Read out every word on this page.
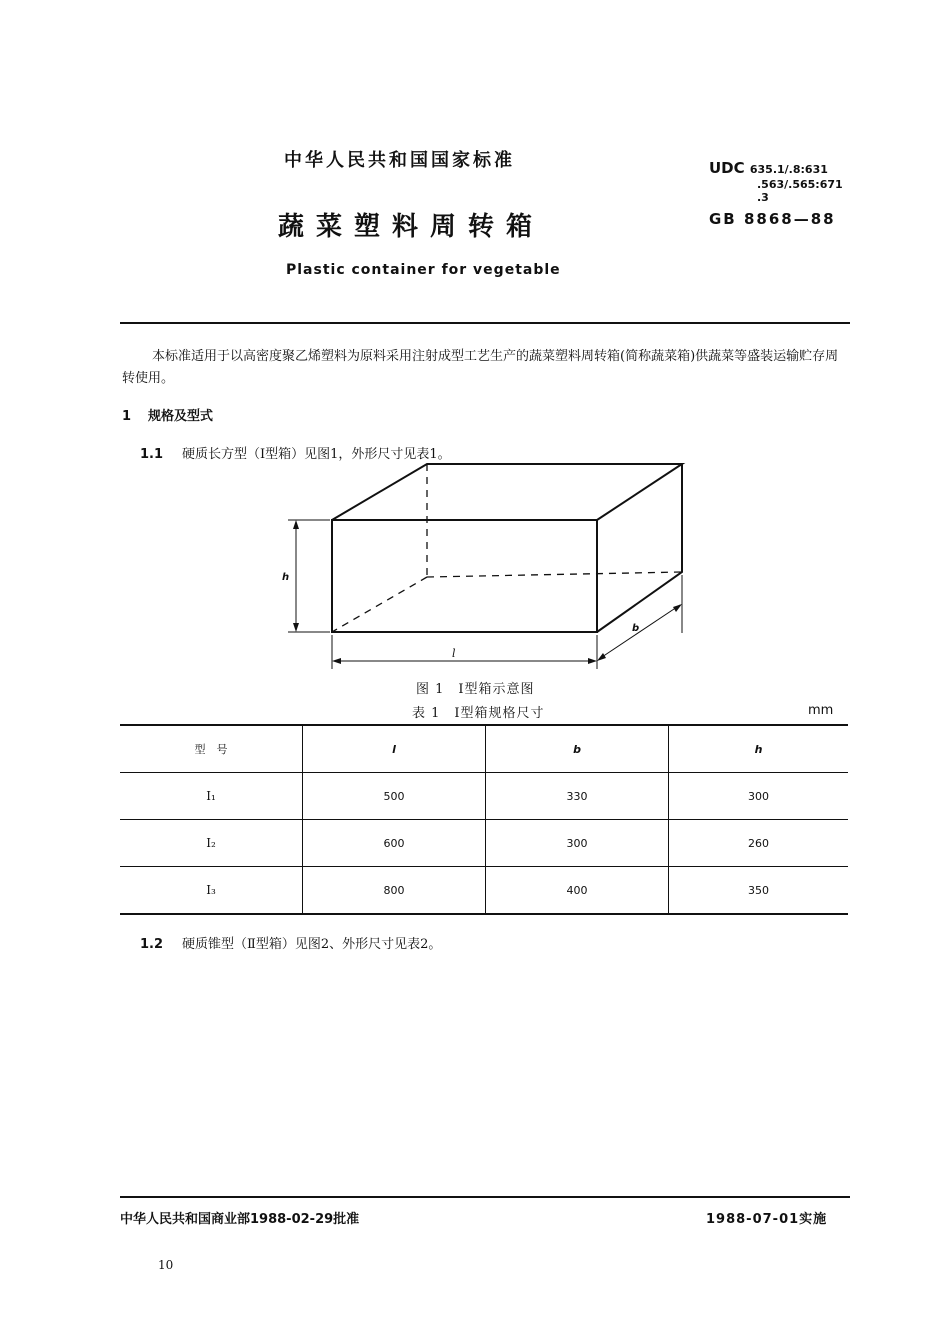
中华人民共和国国家标准
蔬菜塑料周转箱
Plastic container for vegetable
UDC 635.1/.8:631
.563/.565:671
.3
GB 8868—88
本标准适用于以高密度聚乙烯塑料为原料采用注射成型工艺生产的蔬菜塑料周转箱(简称蔬菜箱)供蔬菜等盛装运输贮存周转使用。
1 规格及型式
1.1 硬质长方型（Ⅰ型箱）见图1，外形尺寸见表1。
h
l
b
图 1　Ⅰ型箱示意图
表 1　Ⅰ型箱规格尺寸	mm
型　号	l	b	h
Ⅰ₁	500	330	300
Ⅰ₂	600	300	260
Ⅰ₃	800	400	350
1.2 硬质锥型（Ⅱ型箱）见图2、外形尺寸见表2。
中华人民共和国商业部1988-02-29批准	1988-07-01实施
10
